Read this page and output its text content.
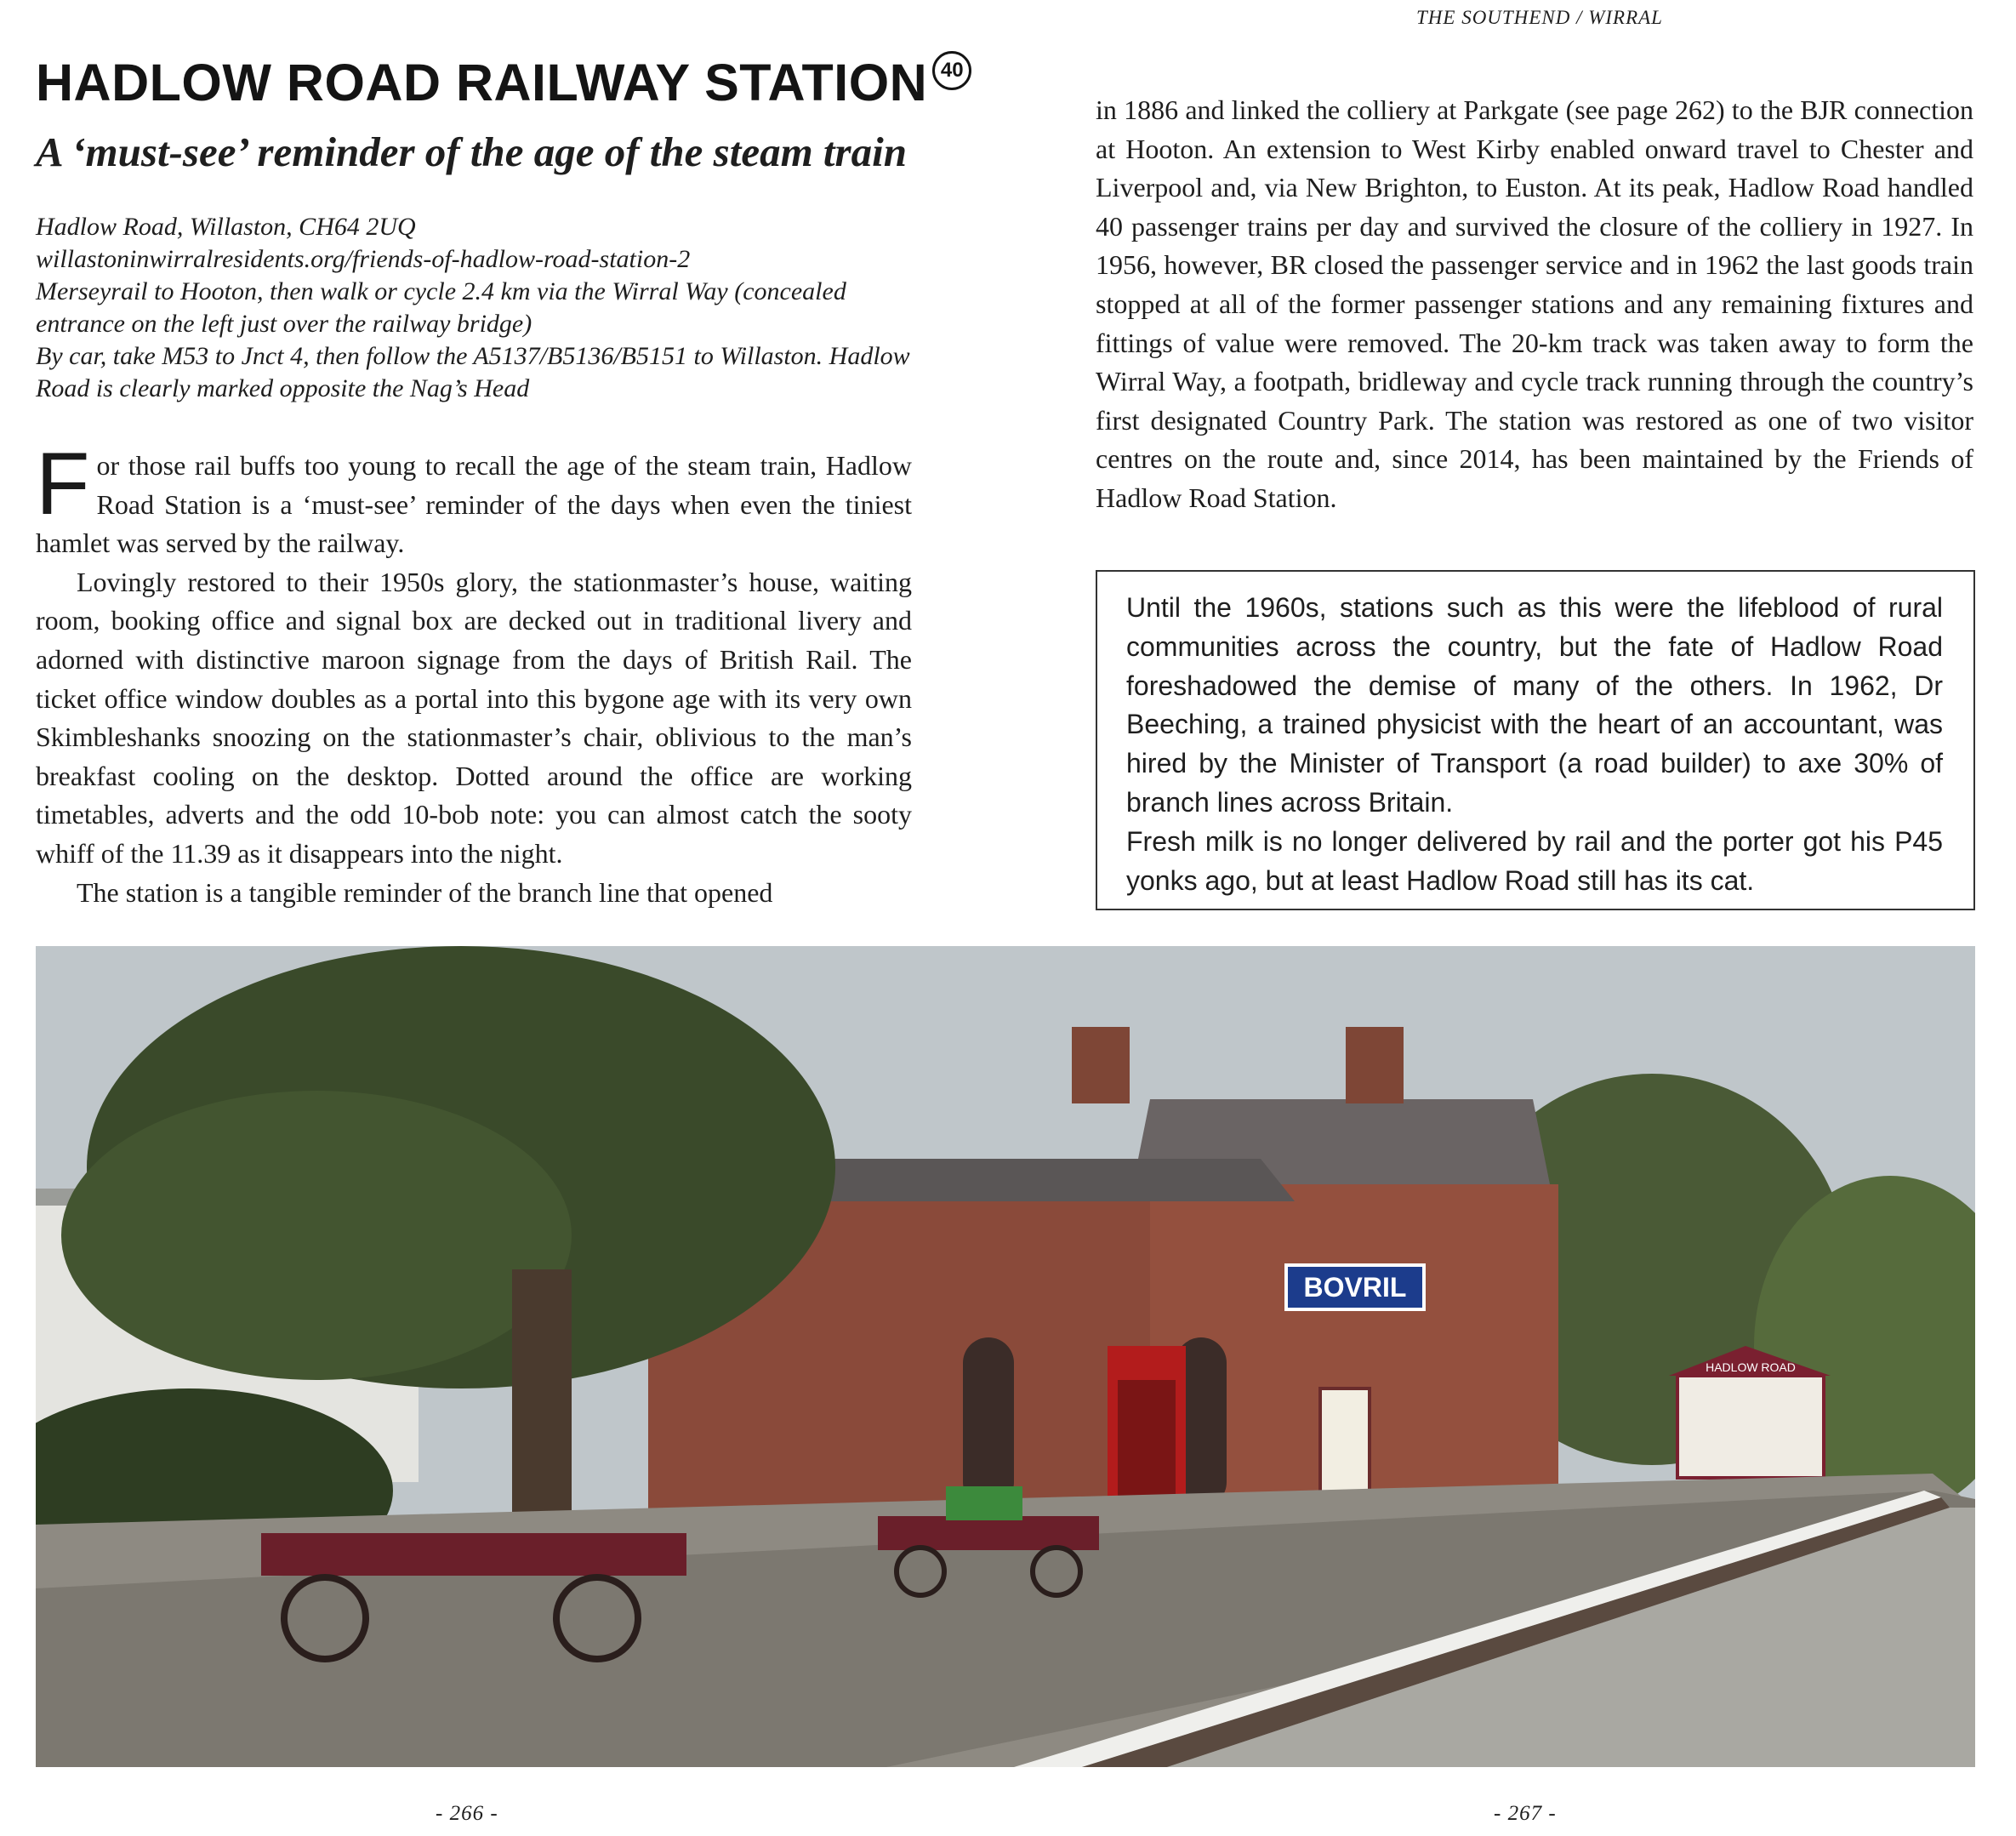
THE SOUTHEND / WIRRAL
HADLOW ROAD RAILWAY STATION 40
A ‘must-see’ reminder of the age of the steam train
Hadlow Road, Willaston, CH64 2UQ
willastoninwirralresidents.org/friends-of-hadlow-road-station-2
Merseyrail to Hooton, then walk or cycle 2.4 km via the Wirral Way (concealed entrance on the left just over the railway bridge)
By car, take M53 to Jnct 4, then follow the A5137/B5136/B5151 to Willaston. Hadlow Road is clearly marked opposite the Nag’s Head

For those rail buffs too young to recall the age of the steam train, Hadlow Road Station is a ‘must-see’ reminder of the days when even the tiniest hamlet was served by the railway.

Lovingly restored to their 1950s glory, the stationmaster’s house, waiting room, booking office and signal box are decked out in traditional livery and adorned with distinctive maroon signage from the days of British Rail. The ticket office window doubles as a portal into this bygone age with its very own Skimbleshanks snoozing on the stationmaster’s chair, oblivious to the man’s breakfast cooling on the desktop. Dotted around the office are working timetables, adverts and the odd 10-bob note: you can almost catch the sooty whiff of the 11.39 as it disappears into the night.

The station is a tangible reminder of the branch line that opened

in 1886 and linked the colliery at Parkgate (see page 262) to the BJR connection at Hooton. An extension to West Kirby enabled onward travel to Chester and Liverpool and, via New Brighton, to Euston. At its peak, Hadlow Road handled 40 passenger trains per day and survived the closure of the colliery in 1927. In 1956, however, BR closed the passenger service and in 1962 the last goods train stopped at all of the former passenger stations and any remaining fixtures and fittings of value were removed. The 20-km track was taken away to form the Wirral Way, a footpath, bridleway and cycle track running through the country’s first designated Country Park. The station was restored as one of two visitor centres on the route and, since 2014, has been maintained by the Friends of Hadlow Road Station.

Until the 1960s, stations such as this were the lifeblood of rural communities across the country, but the fate of Hadlow Road foreshadowed the demise of many of the others. In 1962, Dr Beeching, a trained physicist with the heart of an accountant, was hired by the Minister of Transport (a road builder) to axe 30% of branch lines across Britain.

Fresh milk is no longer delivered by rail and the porter got his P45 yonks ago, but at least Hadlow Road still has its cat.

BOVRIL
HADLOW ROAD
- 266 -	- 267 -
